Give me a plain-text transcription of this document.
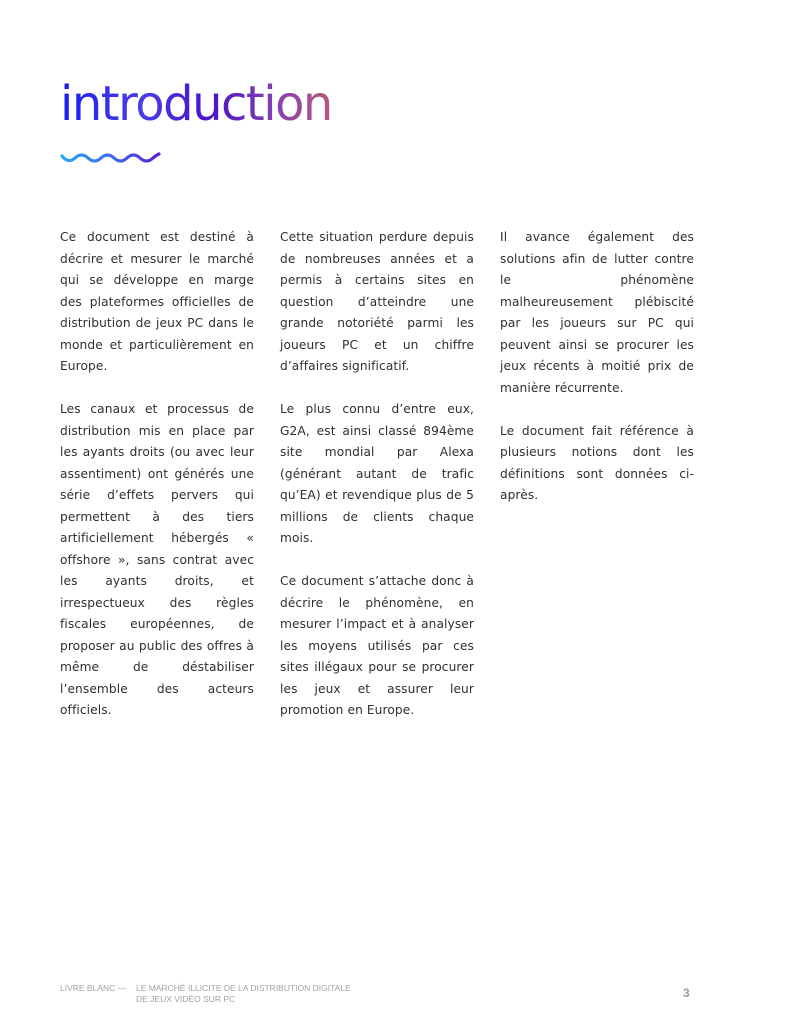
introduction

Ce document est destiné à décrire et mesurer le marché qui se développe en marge des plateformes officielles de distribution de jeux PC dans le monde et particulièrement en Europe.

Les canaux et processus de distribution mis en place par les ayants droits (ou avec leur assentiment) ont générés une série d’effets pervers qui permettent à des tiers artificiellement hébergés « offshore », sans contrat avec les ayants droits, et irrespectueux des règles fiscales européennes, de proposer au public des offres à même de déstabiliser l’ensemble des acteurs officiels.

Cette situation perdure depuis de nombreuses années et a permis à certains sites en question d’atteindre une grande notoriété parmi les joueurs PC et un chiffre d’affaires significatif.

Le plus connu d’entre eux, G2A, est ainsi classé 894ème site mondial par Alexa (générant autant de trafic qu’EA) et revendique plus de 5 millions de clients chaque mois.

Ce document s’attache donc à décrire le phénomène, en mesurer l’impact et à analyser les moyens utilisés par ces sites illégaux pour se procurer les jeux et assurer leur promotion en Europe.

Il avance également des solutions afin de lutter contre le phénomène malheureusement plébiscité par les joueurs sur PC qui peuvent ainsi se procurer les jeux récents à moitié prix de manière récurrente.

Le document fait référence à plusieurs notions dont les définitions sont données ci-après.

LIVRE BLANC —	LE MARCHÉ ILLICITE DE LA DISTRIBUTION DIGITALE
DE JEUX VIDÉO SUR PC	3
